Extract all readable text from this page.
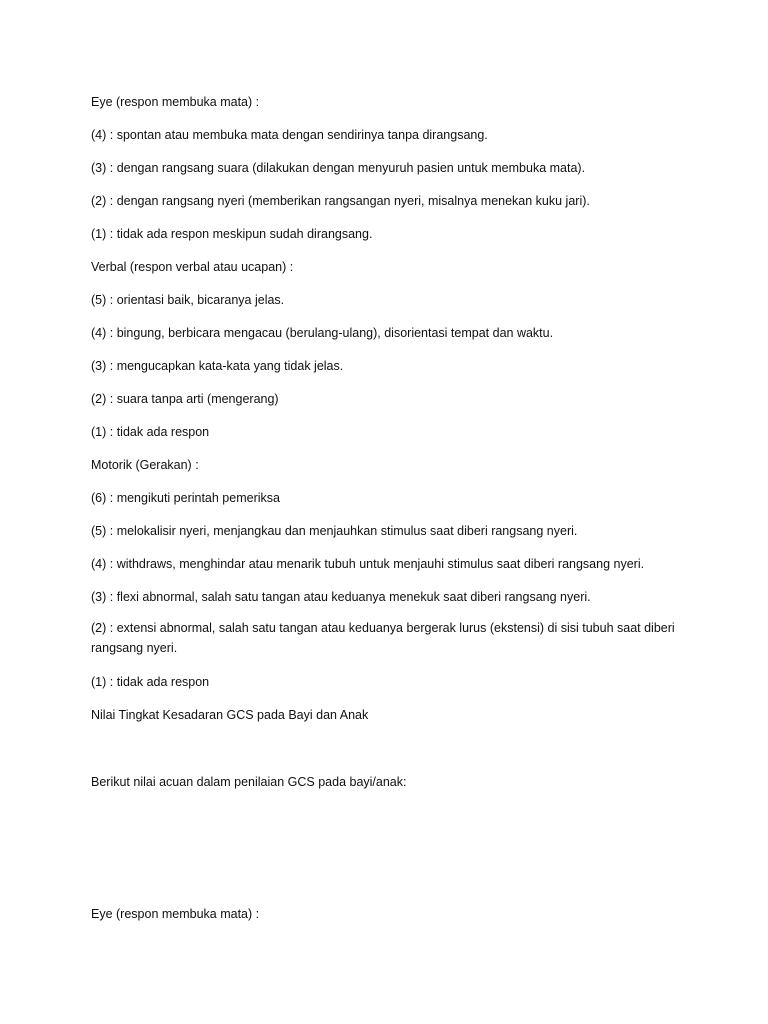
Eye (respon membuka mata) :
(4) : spontan atau membuka mata dengan sendirinya tanpa dirangsang.
(3) : dengan rangsang suara (dilakukan dengan menyuruh pasien untuk membuka mata).
(2) : dengan rangsang nyeri (memberikan rangsangan nyeri, misalnya menekan kuku jari).
(1) : tidak ada respon meskipun sudah dirangsang.
Verbal (respon verbal atau ucapan) :
(5) : orientasi baik, bicaranya jelas.
(4) : bingung, berbicara mengacau (berulang-ulang), disorientasi tempat dan waktu.
(3) : mengucapkan kata-kata yang tidak jelas.
(2) : suara tanpa arti (mengerang)
(1) : tidak ada respon
Motorik (Gerakan) :
(6) : mengikuti perintah pemeriksa
(5) : melokalisir nyeri, menjangkau dan menjauhkan stimulus saat diberi rangsang nyeri.
(4) : withdraws, menghindar atau menarik tubuh untuk menjauhi stimulus saat diberi rangsang nyeri.
(3) : flexi abnormal, salah satu tangan atau keduanya menekuk saat diberi rangsang nyeri.
(2) : extensi abnormal, salah satu tangan atau keduanya bergerak lurus (ekstensi) di sisi tubuh saat diberi rangsang nyeri.
(1) : tidak ada respon
Nilai Tingkat Kesadaran GCS pada Bayi dan Anak
Berikut nilai acuan dalam penilaian GCS pada bayi/anak:
Eye (respon membuka mata) :
